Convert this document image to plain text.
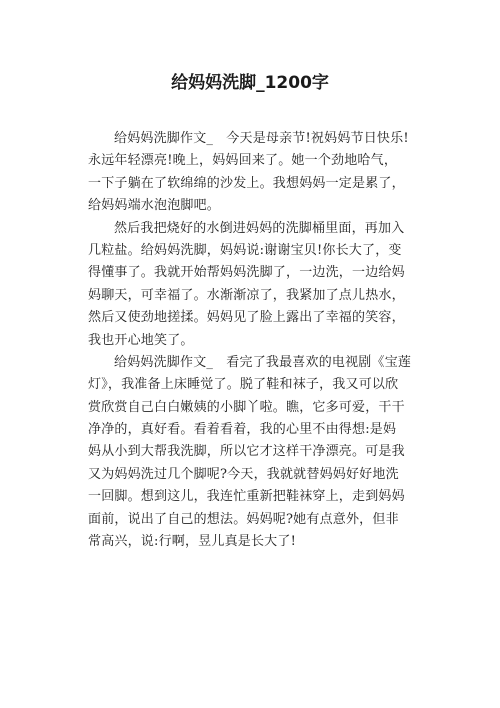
给妈妈洗脚_1200字
给妈妈洗脚作文_　今天是母亲节!祝妈妈节日快乐!
永远年轻漂亮!晚上，妈妈回来了。她一个劲地哈气，
一下子躺在了软绵绵的沙发上。我想妈妈一定是累了，
给妈妈端水泡泡脚吧。
然后我把烧好的水倒进妈妈的洗脚桶里面，再加入
几粒盐。给妈妈洗脚，妈妈说:谢谢宝贝!你长大了，变
得懂事了。我就开始帮妈妈洗脚了，一边洗，一边给妈
妈聊天，可幸福了。水渐渐凉了，我紧加了点儿热水，
然后又使劲地搓揉。妈妈见了脸上露出了幸福的笑容，
我也开心地笑了。
给妈妈洗脚作文_　看完了我最喜欢的电视剧《宝莲
灯》，我准备上床睡觉了。脱了鞋和袜子，我又可以欣
赏欣赏自己白白嫩姨的小脚丫啦。瞧，它多可爱，干干
净净的，真好看。看着看着，我的心里不由得想:是妈
妈从小到大帮我洗脚，所以它才这样干净漂亮。可是我
又为妈妈洗过几个脚呢?今天，我就就替妈妈好好地洗
一回脚。想到这儿，我连忙重新把鞋袜穿上，走到妈妈
面前，说出了自己的想法。妈妈呢?她有点意外，但非
常高兴，说:行啊，昱儿真是长大了!
